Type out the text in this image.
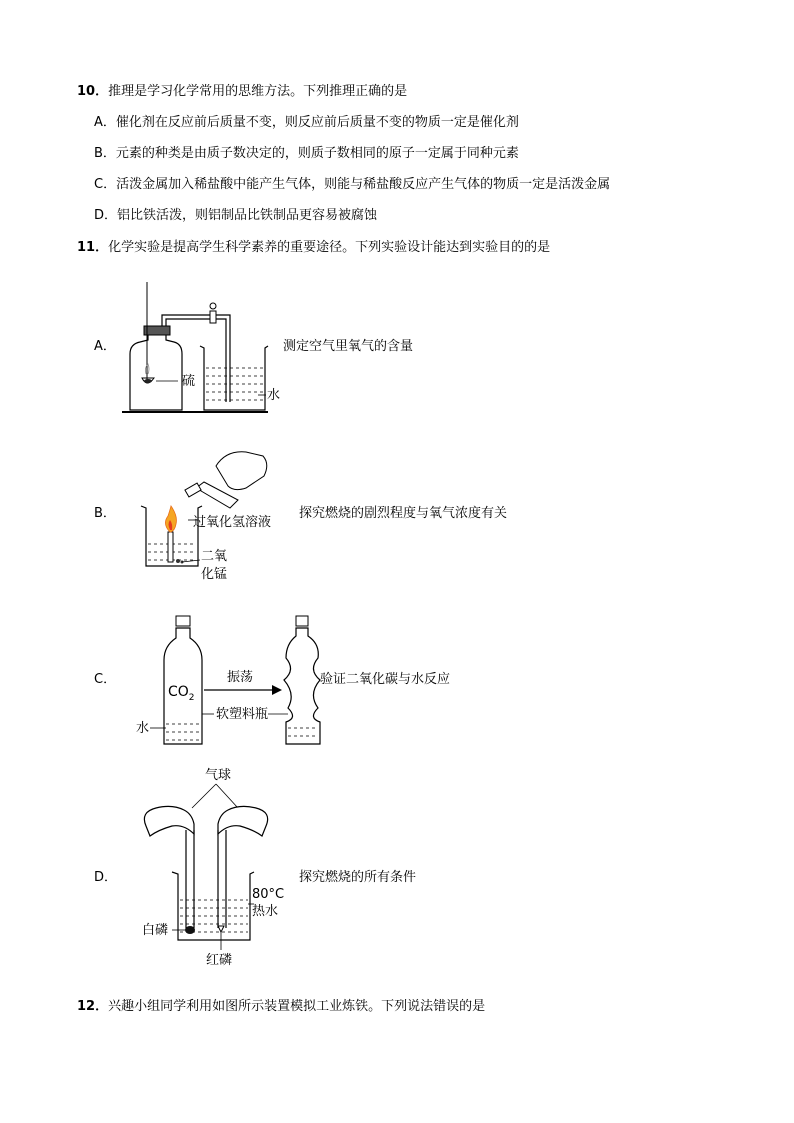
10．推理是学习化学常用的思维方法。下列推理正确的是
A．催化剂在反应前后质量不变，则反应前后质量不变的物质一定是催化剂
B．元素的种类是由质子数决定的，则质子数相同的原子一定属于同种元素
C．活泼金属加入稀盐酸中能产生气体，则能与稀盐酸反应产生气体的物质一定是活泼金属
D．铝比铁活泼，则铝制品比铁制品更容易被腐蚀
11．化学实验是提高学生科学素养的重要途径。下列实验设计能达到实验目的的是
A．
硫
水
测定空气里氧气的含量
B．
过氧化氢溶液
二氧
化锰
探究燃烧的剧烈程度与氧气浓度有关
C．
$CO_2$
振荡
软塑料瓶
水
验证二氧化碳与水反应
D．
气球
80°C
热水
白磷
红磷
探究燃烧的所有条件
12．兴趣小组同学利用如图所示装置模拟工业炼铁。下列说法错误的是
